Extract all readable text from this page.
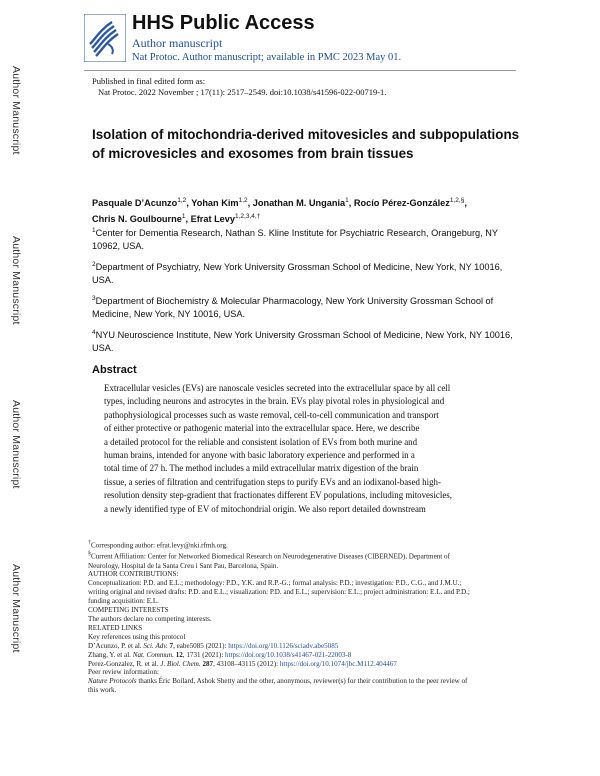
Author Manuscript
Author Manuscript
Author Manuscript
Author Manuscript
HHS Public Access
Author manuscript
Nat Protoc. Author manuscript; available in PMC 2023 May 01.
Published in final edited form as:
Nat Protoc. 2022 November ; 17(11): 2517–2549. doi:10.1038/s41596-022-00719-1.
Isolation of mitochondria-derived mitovesicles and subpopulations of microvesicles and exosomes from brain tissues
Pasquale D’Acunzo$^{1,2}$, Yohan Kim$^{1,2}$, Jonathan M. Ungania$^1$, Rocío Pérez-González$^{1,2,\S}$,
Chris N. Goulbourne$^1$, Efrat Levy$^{1,2,3,4,\dagger}$
$^1$Center for Dementia Research, Nathan S. Kline Institute for Psychiatric Research, Orangeburg, NY 10962, USA.
$^2$Department of Psychiatry, New York University Grossman School of Medicine, New York, NY 10016, USA.
$^3$Department of Biochemistry & Molecular Pharmacology, New York University Grossman School of Medicine, New York, NY 10016, USA.
$^4$NYU Neuroscience Institute, New York University Grossman School of Medicine, New York, NY 10016, USA.
Abstract
Extracellular vesicles (EVs) are nanoscale vesicles secreted into the extracellular space by all cell
types, including neurons and astrocytes in the brain. EVs play pivotal roles in physiological and
pathophysiological processes such as waste removal, cell-to-cell communication and transport
of either protective or pathogenic material into the extracellular space. Here, we describe
a detailed protocol for the reliable and consistent isolation of EVs from both murine and
human brains, intended for anyone with basic laboratory experience and performed in a
total time of 27 h. The method includes a mild extracellular matrix digestion of the brain
tissue, a series of filtration and centrifugation steps to purify EVs and an iodixanol-based high-
resolution density step-gradient that fractionates different EV populations, including mitovesicles,
a newly identified type of EV of mitochondrial origin. We also report detailed downstream
†Corresponding author: efrat.levy@nki.rfmh.org.
§Current Affiliation: Center for Networked Biomedical Research on Neurodegenerative Diseases (CIBERNED), Department of
Neurology, Hospital de la Santa Creu i Sant Pau, Barcelona, Spain.
AUTHOR CONTRIBUTIONS:
Conceptualization: P.D. and E.L.; methodology: P.D., Y.K. and R.P.-G.; formal analysis: P.D.; investigation: P.D., C.G., and J.M.U.;
writing original and revised drafts: P.D. and E.L.; visualization: P.D. and E.L.; supervision: E.L.; project administration: E.L. and P.D.;
funding acquisition: E.L.
COMPETING INTERESTS
The authors declare no competing interests.
RELATED LINKS
Key references using this protocol
D’Acunzo, P. et al. Sci. Adv. 7, eabe5085 (2021): https://doi.org/10.1126/sciadv.abe5085
Zhang, Y. et al. Nat. Commun. 12, 1731 (2021): https://doi.org/10.1038/s41467-021-22003-8
Perez-Gonzalez, R. et al. J. Biol. Chem. 287, 43108–43115 (2012): https://doi.org/10.1074/jbc.M112.404467
Peer review information:
Nature Protocols thanks Éric Boilard, Ashok Shetty and the other, anonymous, reviewer(s) for their contribution to the peer review of
this work.
